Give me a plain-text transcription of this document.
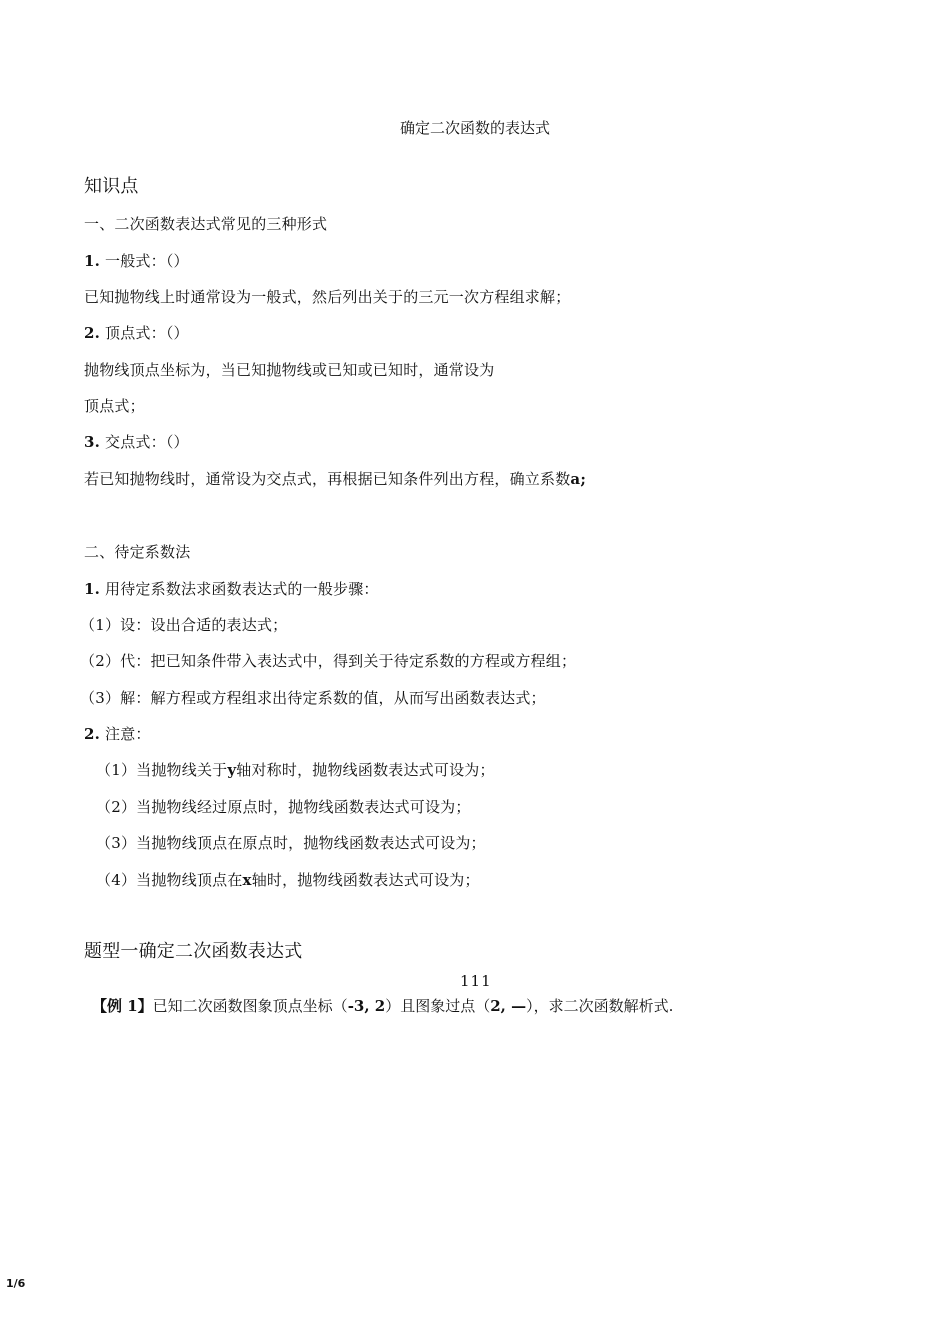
确定二次函数的表达式
知识点
一、二次函数表达式常见的三种形式
1. 一般式：（）
已知抛物线上时通常设为一般式，然后列出关于的三元一次方程组求解；
2. 顶点式：（）
抛物线顶点坐标为，当已知抛物线或已知或已知时，通常设为
顶点式；
3. 交点式：（）
若已知抛物线时，通常设为交点式，再根据已知条件列出方程，确立系数a;
二、待定系数法
1. 用待定系数法求函数表达式的一般步骤：
（1）设：设出合适的表达式；
（2）代：把已知条件带入表达式中，得到关于待定系数的方程或方程组；
（3）解：解方程或方程组求出待定系数的值，从而写出函数表达式；
2. 注意：
（1）当抛物线关于y轴对称时，抛物线函数表达式可设为；
（2）当抛物线经过原点时，抛物线函数表达式可设为；
（3）当抛物线顶点在原点时，抛物线函数表达式可设为；
（4）当抛物线顶点在x轴时，抛物线函数表达式可设为；
题型一确定二次函数表达式
111
【例 1】已知二次函数图象顶点坐标（-3, 2）且图象过点（2, —），求二次函数解析式.
1/6
